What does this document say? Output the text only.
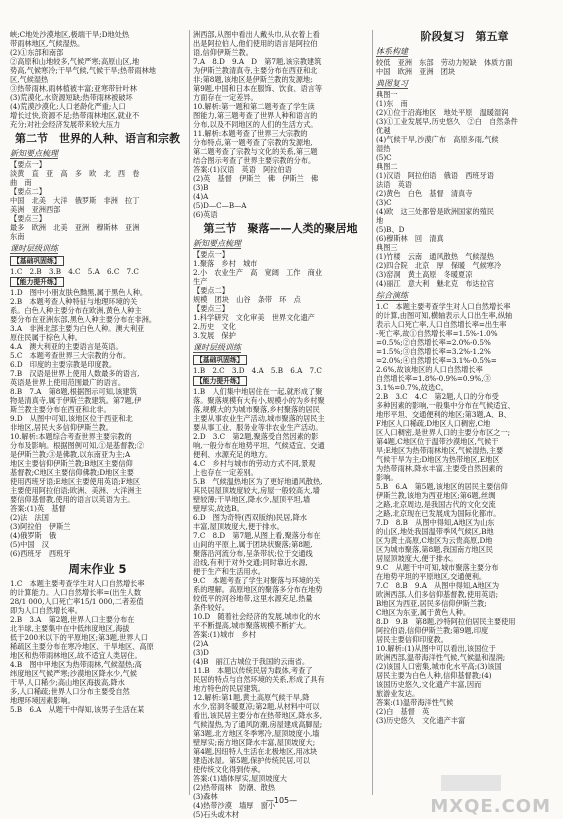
峡;C地处沙漠地区,极端干旱;D地处热
带雨林地区,气候湿热。
(2)①东部和南部
②高原和山地较多,气候严寒;高原山区,地
势高,气候寒冷;干旱气候,气候干旱;热带雨林地
区,气候湿热
③热带雨林,雨林植被丰富;亚寒带针叶林
(3)荒漠化,水资源短缺;热带雨林被破坏
(4)荒漠沙漠化;人口老龄化严重;人口
增长过快,资源不足;热带雨林地区,就业不
充分;对社会经济发展带来较大压力
第二节　世界的人种、语言和宗教
新知要点梳理
【要点一】
淡黄　直　亚　高　多　欧　北　西　卷
曲　南
【要点二】
中国　北美　大洋　俄罗斯　非洲　拉丁
美洲　亚洲西部
【要点三】
最多　欧洲　北美　亚洲　穆斯林　亚洲
东南
课时层级训练
【基础巩固练】
1.C　2.B　3.B　4.C　5.A　6.C　7.C
【能力提升练】
1.D　图中小朋友肤色黝黑,属于黑色人种。
2.B　本题考查人种特征与地理环境的关
系。白色人种主要分布在欧洲,黄色人种主
要分布在亚洲东部,黑色人种主要分布在非洲。
3.A　非洲北部主要为白色人种。澳大利亚
原住民属于棕色人种。
4.A　澳大利亚的主要语言是英语。
5.C　本题考查世界三大宗教的分布。
6.D　印度的主要宗教是印度教。
7.B　汉语是世界上使用人数最多的语言,
英语是世界上使用范围最广的语言。
8.B　7.A　第8题,根据图示可知,该建筑
物是清真寺,属于伊斯兰教建筑。第7题,伊
斯兰教主要分布在西亚和北非。
9.D　从图中可知,该地区位于西亚和北
非地区,居民大多信仰伊斯兰教。
10.解析:本题综合考查世界主要宗教的
分布及影响。根据图例可知,①是基督教;②
是伊斯兰教;③是佛教,以东南亚为主;A
地区主要信仰伊斯兰教;B地区主要信仰
基督教;C地区主要信仰佛教;D地区主要
使用西班牙语;E地区主要使用英语;F地区
主要使用阿拉伯语;欧洲、美洲、大洋洲主
要信仰基督教,使用的语言以英语为主。
答案:(1)英　基督
(2)法　法国
(3)阿拉伯　伊斯兰
(4)俄罗斯　俄
(5)中国　汉
(6)西班牙　西班牙
周末作业 5
1.C　本题主要考查学生对人口自然增长率
的计算能力。人口自然增长率=(出生人数
28/1 000,人口死亡率15/1 000,二者差值
即为人口自然增长率。
2.B　3.A　第2题,世界人口主要分布在
北半球,主要集中在中低纬度地区,海拔
低于200米以下的平原地区;第3题,世界人口
稀疏区主要分布在寒冷地区、干旱地区、高原
地区和热带雨林地区,故不适宜人类居住。
4.B　图中甲地区为热带雨林,气候湿热;高
纬度地区气候严寒;沙漠地区降水少,气候
干旱,人口稀少;高山地区海拔高,降水
多,人口稀疏;世界人口分布主要受自然
地理环境因素影响。
5.B　6.A　从题干中得知,该男子生活在某
洲西部,从图中看出人戴头巾,从衣着上看
出是阿拉伯人,他们使用的语言是阿拉伯
语,信仰伊斯兰教。
7.A　8.D　9.A　D　第7题,该宗教建筑
为伊斯兰教清真寺,主要分布在西亚和北
非;第8题,该地区是伊斯兰教的发源地;
第9题,中国和日本在服饰、饮食、语言等
方面存在一定差异。
10.解析:第一题和第二题考查了学生读
图能力,第三题考查了世界人种和语言的
分布,以及不同地区的人们的生活方式。
11.解析:本题考查了世界三大宗教的
分布特点,第一题考查了宗教的发源地,
第二题考查了宗教与文化的关系,第三题
结合图示考查了世界主要宗教的分布。
答案:(1)汉语　英语　阿拉伯语
(2)英　基督　伊斯兰　佛　伊斯兰　佛
(3)B
(4)A
(5)D—C—B—A
(6)英语
第三节　聚落——人类的聚居地
新知要点梳理
【要点一】
1.聚落　乡村　城市
2.小　农业生产　高　宽阔　工作　商业
生产
【要点二】
规模　团块　山谷　条带　环　点
【要点三】
1.科学研究　文化审美　世界文化遗产
2.历史　文化
3.发展　保护
课时层级训练
【基础巩固练】
1.B　2.C　3.D　4.A　5.B　6.A　7.C
【能力提升练】
1.B　人们集中地居住在一起,就形成了聚
落。聚落规模有大有小,规模小的为乡村聚
落,规模大的为城市聚落,乡村聚落的居民
主要从事农业生产活动,城市聚落的居民主
要从事工业、服务业等非农业生产活动。
2.D　3.C　第2题,聚落受自然因素的影
响,一般分布在地势平坦、气候适宜、交通
便利、水源充足的地方。
4.C　乡村与城市的劳动方式不同,景观
上也存在一定差别。
5.B　气候温热地区为了更好地通风散热,
其民居屋顶坡度较大,房屋一般较高大,墙
壁较薄;干旱地区,降水少,屋顶平坦,墙
壁厚实,故选B。
6.D　图为奇特(西双版纳)民居,降水
丰富,屋顶坡度大,便于排水。
7.C　8.D　第7题,从图上看,聚落分布在
山间的平原上,属于团块状聚落;第8题,
聚落沿河流分布,呈条带状;位于交通线
沿线,有利于对外交通;同时靠近水源,
便于生产和生活用水。
9.C　本题考查了学生对聚落与环境的关
系的理解。高原地区的聚落多分布在地势
较低平的河谷地带,这里水源充足,热量
条件较好。
10.D　随着社会经济的发展,城市化的水
平不断提高,城市聚落规模不断扩大。
答案:(1)城市　乡村
(2)A
(3)D
(4)B　丽江古城位于我国的云南省。
11.B　本题以传统民居为载体,考查了
民居的特点与自然环境的关系,形成了具有
地方特色的民居建筑。
12.解析:第1题,黄土高原气候干旱,降
水少,窑洞冬暖夏凉;第2题,从材料中可以
看出,该民居主要分布在热带地区,降水多,
气候湿热,为了通风防潮,房屋建成高脚屋;
第3题,北方地区冬季寒冷,屋顶坡度小,墙
壁厚实;南方地区降水丰富,屋顶坡度大;
第4题,因纽特人生活在北极地区,用冰块
建造冰屋。第5题,保护传统民居,可以
使传统文化得到传承。
答案:(1)墙体厚实,屋顶坡度大
(2)热带雨林　防潮、散热
(3)森林
(4)热带沙漠　墙厚　窗小
(5)石头或木材
阶段复习　第五章
体系构建
较低　亚洲　东部　劳动力短缺　体质方面
中国　欧洲　亚洲　团块
典图复习
典图一
(1)东　南
(2)①位于沿海地区　地处平原　温暖湿润
(3)①工业发展早,历史悠久　②白　自然条件
优越
(4)气候干旱,沙漠广布　高原多雨,气候
湿热
(5)C
典图二
(1)汉语　阿拉伯语　俄语　西班牙语
法语　英语
(2)黄色　白色　基督　清真寺
(3)C
(4)欧　这三处都曾是欧洲国家的殖民
地
(5)B、D
(6)穆斯林　回　清真
典图三
(1)竹楼　云南　通风散热　气候湿热
(2)四合院　北京　厚　保暖　气候寒冷
(3)窑洞　黄土高原　冬暖夏凉
(4)丽江　意大利　魅北克　布达拉宫
综合演练
1.C　本题主要考查学生对人口自然增长率
的计算,由图可知,横轴表示人口出生率,纵轴
表示人口死亡率,人口自然增长率=出生率
-死亡率,故①自然增长率=1.5%-1.0%
=0.5%;②自然增长率=2.0%-0.5%
=1.5%;③自然增长率=3.2%-1.2%
=2.0%;④自然增长率=3.1%-0.5%=
2.6%,故该地区的人口自然增长率
自然增长率=1.8%-0.9%=0.9%,③
3.1%=0.7%,故选C。
2.B　3.C　4.C　第2题,人口的分布受
多种因素的影响,一般集中分布在气候适宜、
地形平坦、交通便利的地区;第3题,A、B、
F地区人口稀疏,D地区人口稠密,C地
区人口稠密,是世界人口的主要分布区之一;
第4题,C地区位于温带沙漠地区,气候干
旱;E地区为热带雨林地区,气候湿热,主要
气候干旱为主;D地区为热带地区,E地区
为热带雨林,降水丰富,主要受自然因素的
影响。
5.B　6.A　第5题,该地区的居民主要信仰
伊斯兰教,该地为西亚地区;第6题,丝绸
之路,北京周边,是我国古代的文化交流
之路,北京现在已发展成为国际化都市。
7.D　8.B　从图中得知,A地区为山东
的山区,地处我国温带季风气候区,B地
区为黄土高原,C地区为云贵高原,D地
区为城市聚落,第8题,我国南方地区民
居屋顶坡度大,便于排水。
9.C　从题干中可知,城市聚落主要分布
在地势平坦的平原地区,交通便利。
7.C　8.B　9.A　从图中得知,A地区为
欧洲西部,人们多信仰基督教,使用英语;
B地区为西亚,居民多信仰伊斯兰教;
C地区为东亚,属于黄色人种。
8.D　9.B　第8题,沙特阿拉伯居民主要使用
阿拉伯语,信仰伊斯兰教;第9题,印度
居民主要信仰印度教。
10.解析:(1)从图中可以看出,该国位于
欧洲西部,温带海洋性气候,气候温和湿润;
(2)该国人口密集,城市化水平高;(3)该国
居民主要为白色人种,信仰基督教;(4)
该国历史悠久,文化遗产丰富,因而
旅游业发达。
答案:(1)温带海洋性气候
(2)白　基督　英
(3)历史悠久　文化遗产丰富
—105—	MXQE.COM
